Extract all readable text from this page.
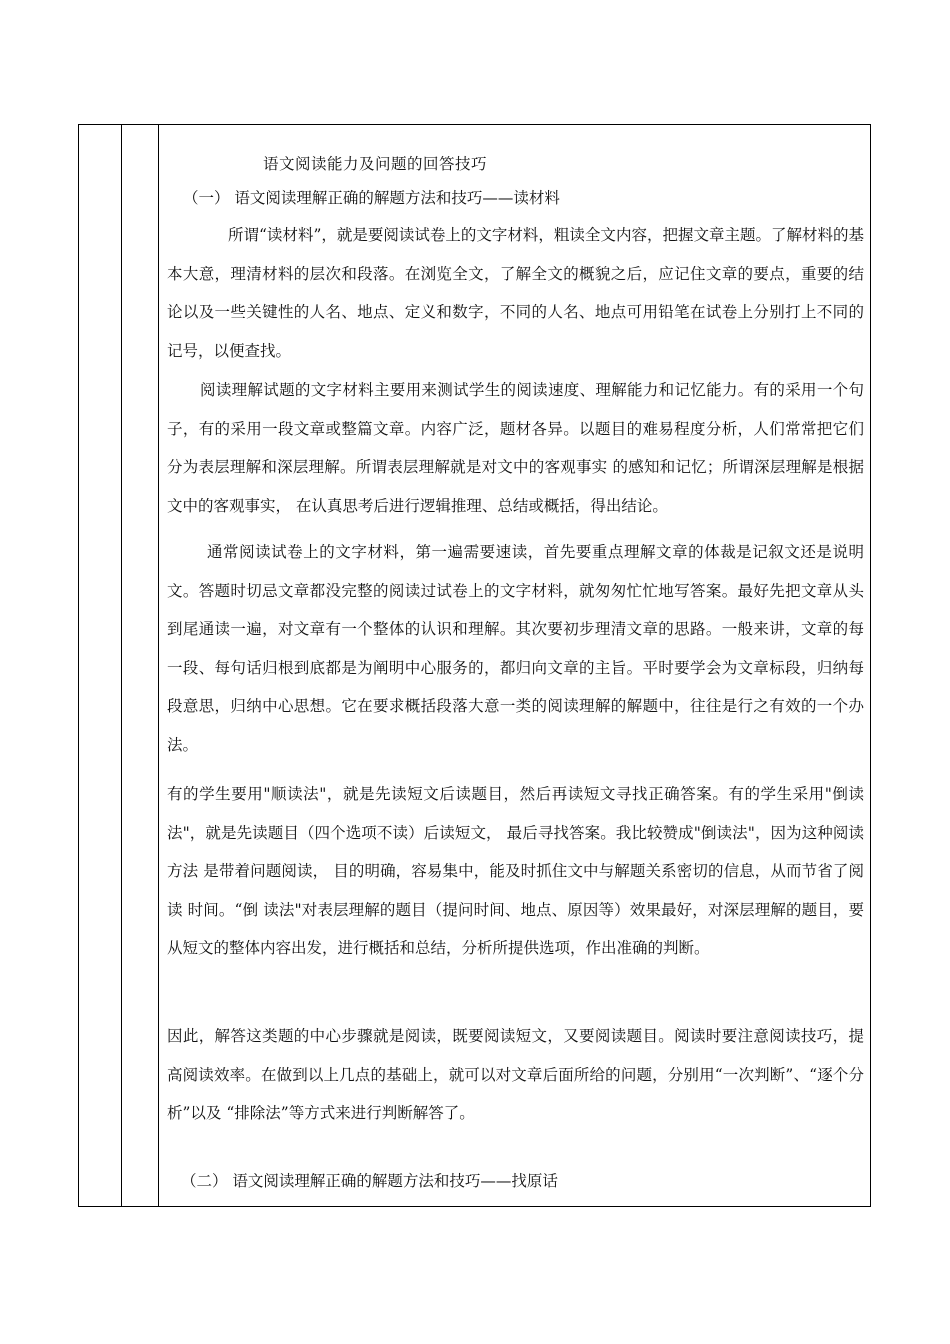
语文阅读能力及问题的回答技巧
（一） 语文阅读理解正确的解题方法和技巧——读材料
所谓“读材料”，就是要阅读试卷上的文字材料，粗读全文内容，把握文章主题。了解材料的基本大意，理清材料的层次和段落。在浏览全文，了解全文的概貌之后，应记住文章的要点，重要的结论以及一些关键性的人名、地点、定义和数字，不同的人名、地点可用铅笔在试卷上分别打上不同的记号，以便查找。
阅读理解试题的文字材料主要用来测试学生的阅读速度、理解能力和记忆能力。有的采用一个句子，有的采用一段文章或整篇文章。内容广泛，题材各异。以题目的难易程度分析，人们常常把它们分为表层理解和深层理解。所谓表层理解就是对文中的客观事实 的感知和记忆；所谓深层理解是根据文中的客观事实， 在认真思考后进行逻辑推理、总结或概括，得出结论。
通常阅读试卷上的文字材料，第一遍需要速读，首先要重点理解文章的体裁是记叙文还是说明文。答题时切忌文章都没完整的阅读过试卷上的文字材料，就匆匆忙忙地写答案。最好先把文章从头到尾通读一遍，对文章有一个整体的认识和理解。其次要初步理清文章的思路。一般来讲，文章的每一段、每句话归根到底都是为阐明中心服务的，都归向文章的主旨。平时要学会为文章标段，归纳每段意思，归纳中心思想。它在要求概括段落大意一类的阅读理解的解题中，往往是行之有效的一个办法。
有的学生要用"顺读法"，就是先读短文后读题目，然后再读短文寻找正确答案。有的学生采用"倒读法"，就是先读题目（四个选项不读）后读短文， 最后寻找答案。我比较赞成"倒读法"，因为这种阅读方法 是带着问题阅读， 目的明确，容易集中，能及时抓住文中与解题关系密切的信息，从而节省了阅读 时间。“倒 读法"对表层理解的题目（提问时间、地点、原因等）效果最好，对深层理解的题目，要从短文的整体内容出发，进行概括和总结，分析所提供选项，作出准确的判断。
因此，解答这类题的中心步骤就是阅读，既要阅读短文，又要阅读题目。阅读时要注意阅读技巧，提高阅读效率。在做到以上几点的基础上，就可以对文章后面所给的问题，分别用“一次判断”、“逐个分析”以及 “排除法”等方式来进行判断解答了。
（二） 语文阅读理解正确的解题方法和技巧——找原话
